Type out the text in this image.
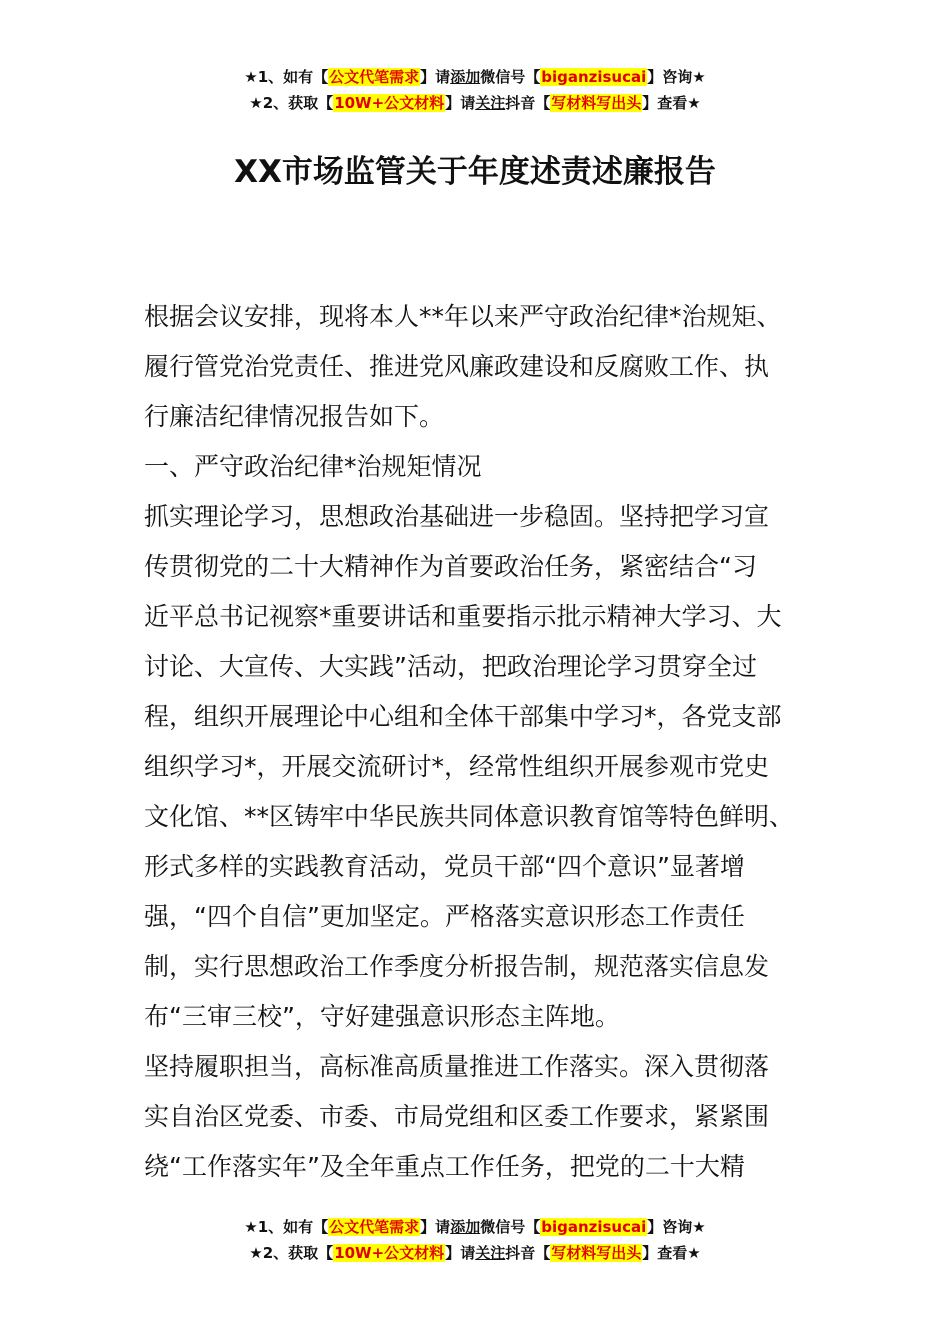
★1、如有【公文代笔需求】请添加微信号【biganzisucai】咨询★
★2、获取【10W+公文材料】请关注抖音【写材料写出头】查看★
XX市场监管关于年度述责述廉报告
根据会议安排，现将本人**年以来严守政治纪律*治规矩、
履行管党治党责任、推进党风廉政建设和反腐败工作、执
行廉洁纪律情况报告如下。
一、严守政治纪律*治规矩情况
抓实理论学习，思想政治基础进一步稳固。坚持把学习宣
传贯彻党的二十大精神作为首要政治任务，紧密结合“习
近平总书记视察*重要讲话和重要指示批示精神大学习、大
讨论、大宣传、大实践”活动，把政治理论学习贯穿全过
程，组织开展理论中心组和全体干部集中学习*，各党支部
组织学习*，开展交流研讨*，经常性组织开展参观市党史
文化馆、**区铸牢中华民族共同体意识教育馆等特色鲜明、
形式多样的实践教育活动，党员干部“四个意识”显著增
强，“四个自信”更加坚定。严格落实意识形态工作责任
制，实行思想政治工作季度分析报告制，规范落实信息发
布“三审三校”，守好建强意识形态主阵地。
坚持履职担当，高标准高质量推进工作落实。深入贯彻落
实自治区党委、市委、市局党组和区委工作要求，紧紧围
绕“工作落实年”及全年重点工作任务，把党的二十大精
★1、如有【公文代笔需求】请添加微信号【biganzisucai】咨询★
★2、获取【10W+公文材料】请关注抖音【写材料写出头】查看★
